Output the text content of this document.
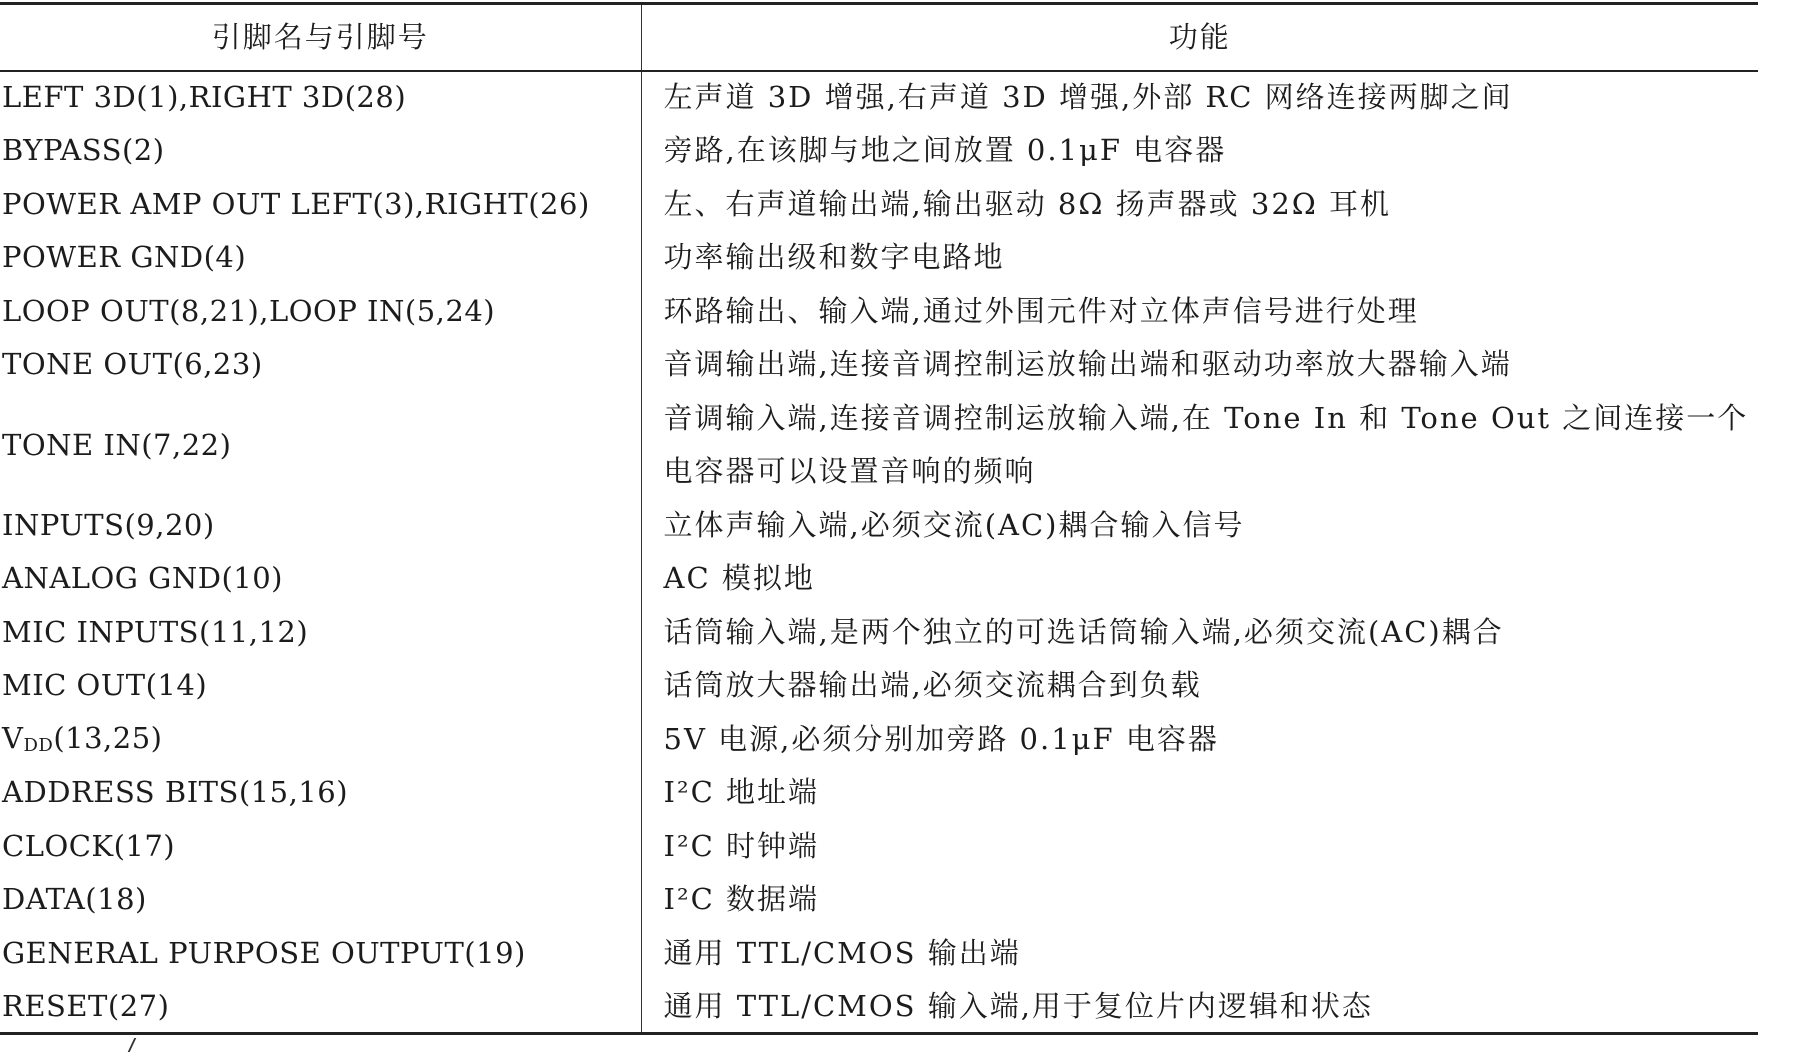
引脚名与引脚号	功能
LEFT 3D(1),RIGHT 3D(28)	左声道 3D 增强,右声道 3D 增强,外部 RC 网络连接两脚之间
BYPASS(2)	旁路,在该脚与地之间放置 0.1μF 电容器
POWER AMP OUT LEFT(3),RIGHT(26)	左、右声道输出端,输出驱动 8Ω 扬声器或 32Ω 耳机
POWER GND(4)	功率输出级和数字电路地
LOOP OUT(8,21),LOOP IN(5,24)	环路输出、输入端,通过外围元件对立体声信号进行处理
TONE OUT(6,23)	音调输出端,连接音调控制运放输出端和驱动功率放大器输入端
TONE IN(7,22)	音调输入端,连接音调控制运放输入端,在 Tone In 和 Tone Out 之间连接一个电容器可以设置音响的频响
INPUTS(9,20)	立体声输入端,必须交流(AC)耦合输入信号
ANALOG GND(10)	AC 模拟地
MIC INPUTS(11,12)	话筒输入端,是两个独立的可选话筒输入端,必须交流(AC)耦合
MIC OUT(14)	话筒放大器输出端,必须交流耦合到负载
VDD(13,25)	5V 电源,必须分别加旁路 0.1μF 电容器
ADDRESS BITS(15,16)	I²C 地址端
CLOCK(17)	I²C 时钟端
DATA(18)	I²C 数据端
GENERAL PURPOSE OUTPUT(19)	通用 TTL/CMOS 输出端
RESET(27)	通用 TTL/CMOS 输入端,用于复位片内逻辑和状态
